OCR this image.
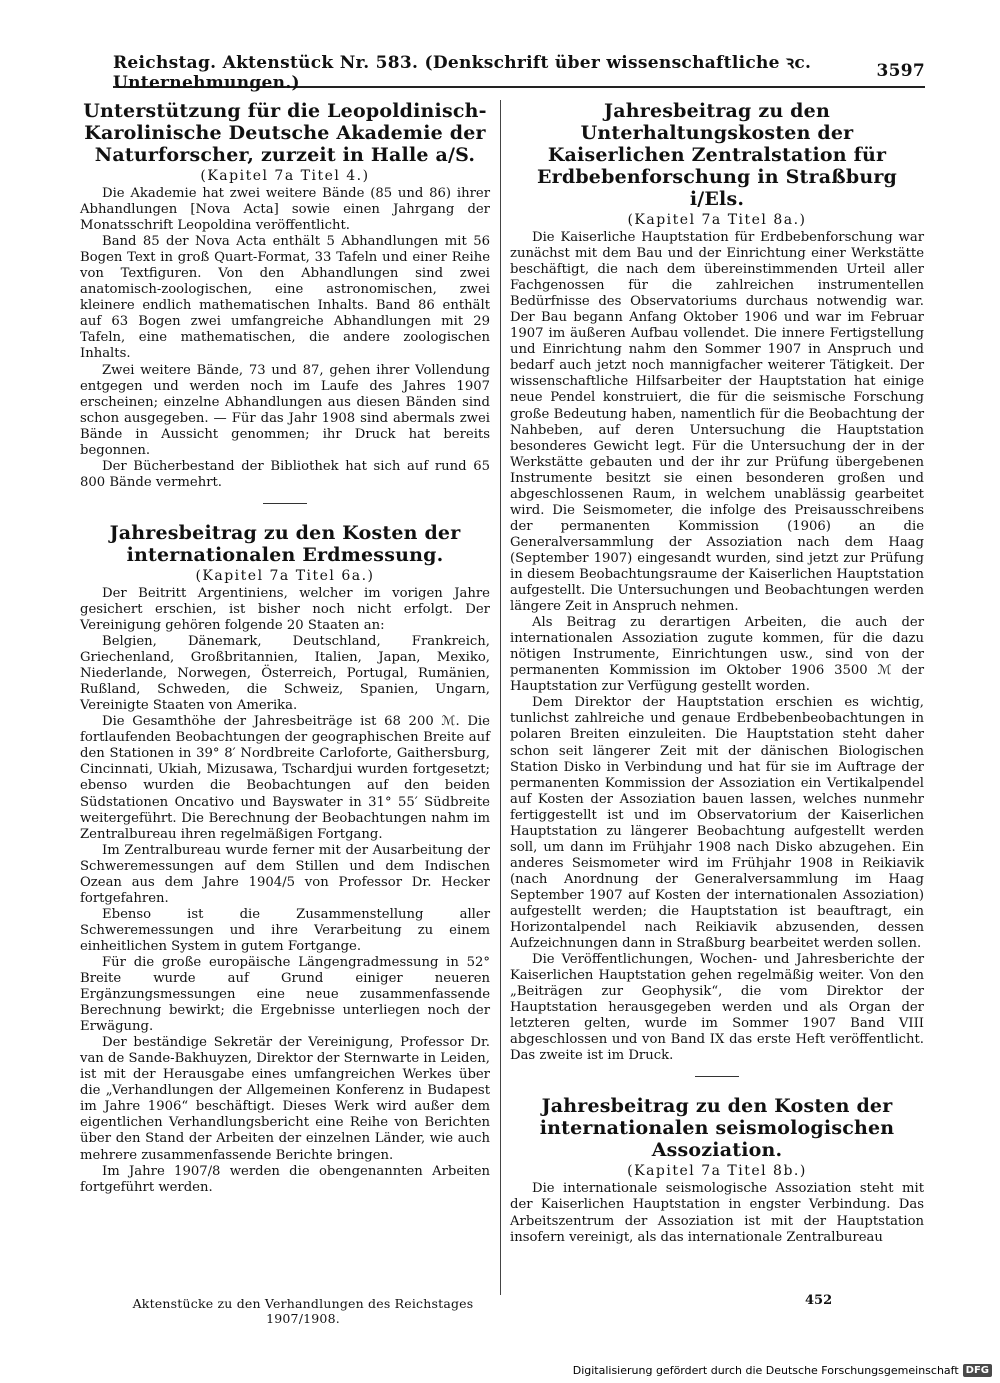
Reichstag. Aktenstück Nr. 583. (Denkschrift über wissenschaftliche ꝛc. Unternehmungen.)
3597
Unterstützung für die Leopoldinisch-Karolinische Deutsche Akademie der Naturforscher, zurzeit in Halle a/S.
(Kapitel 7a Titel 4.)

Die Akademie hat zwei weitere Bände (85 und 86) ihrer Abhandlungen [Nova Acta] sowie einen Jahrgang der Monatsschrift Leopoldina veröffentlicht.

Band 85 der Nova Acta enthält 5 Abhandlungen mit 56 Bogen Text in groß Quart-Format, 33 Tafeln und einer Reihe von Textfiguren. Von den Abhandlungen sind zwei anatomisch-zoologischen, eine astronomischen, zwei kleinere endlich mathematischen Inhalts. Band 86 enthält auf 63 Bogen zwei umfangreiche Abhandlungen mit 29 Tafeln, eine mathematischen, die andere zoologischen Inhalts.

Zwei weitere Bände, 73 und 87, gehen ihrer Vollendung entgegen und werden noch im Laufe des Jahres 1907 erscheinen; einzelne Abhandlungen aus diesen Bänden sind schon ausgegeben. — Für das Jahr 1908 sind abermals zwei Bände in Aussicht genommen; ihr Druck hat bereits begonnen.

Der Bücherbestand der Bibliothek hat sich auf rund 65 800 Bände vermehrt.

Jahresbeitrag zu den Kosten der internationalen Erdmessung.
(Kapitel 7a Titel 6a.)

Der Beitritt Argentiniens, welcher im vorigen Jahre gesichert erschien, ist bisher noch nicht erfolgt. Der Vereinigung gehören folgende 20 Staaten an:

Belgien, Dänemark, Deutschland, Frankreich, Griechenland, Großbritannien, Italien, Japan, Mexiko, Niederlande, Norwegen, Österreich, Portugal, Rumänien, Rußland, Schweden, die Schweiz, Spanien, Ungarn, Vereinigte Staaten von Amerika.

Die Gesamthöhe der Jahresbeiträge ist 68 200 ℳ. Die fortlaufenden Beobachtungen der geographischen Breite auf den Stationen in 39° 8′ Nordbreite Carloforte, Gaithersburg, Cincinnati, Ukiah, Mizusawa, Tschardjui wurden fortgesetzt; ebenso wurden die Beobachtungen auf den beiden Südstationen Oncativo und Bayswater in 31° 55′ Südbreite weitergeführt. Die Berechnung der Beobachtungen nahm im Zentralbureau ihren regelmäßigen Fortgang.

Im Zentralbureau wurde ferner mit der Ausarbeitung der Schweremessungen auf dem Stillen und dem Indischen Ozean aus dem Jahre 1904/5 von Professor Dr. Hecker fortgefahren.

Ebenso ist die Zusammenstellung aller Schweremessungen und ihre Verarbeitung zu einem einheitlichen System in gutem Fortgange.

Für die große europäische Längengradmessung in 52° Breite wurde auf Grund einiger neueren Ergänzungsmessungen eine neue zusammenfassende Berechnung bewirkt; die Ergebnisse unterliegen noch der Erwägung.

Der beständige Sekretär der Vereinigung, Professor Dr. van de Sande-Bakhuyzen, Direktor der Sternwarte in Leiden, ist mit der Herausgabe eines umfangreichen Werkes über die „Verhandlungen der Allgemeinen Konferenz in Budapest im Jahre 1906“ beschäftigt. Dieses Werk wird außer dem eigentlichen Verhandlungsbericht eine Reihe von Berichten über den Stand der Arbeiten der einzelnen Länder, wie auch mehrere zusammenfassende Berichte bringen.

Im Jahre 1907/8 werden die obengenannten Arbeiten fortgeführt werden.

Jahresbeitrag zu den Unterhaltungskosten der Kaiserlichen Zentralstation für Erdbebenforschung in Straßburg i/Els.
(Kapitel 7a Titel 8a.)

Die Kaiserliche Hauptstation für Erdbebenforschung war zunächst mit dem Bau und der Einrichtung einer Werkstätte beschäftigt, die nach dem übereinstimmenden Urteil aller Fachgenossen für die zahlreichen instrumentellen Bedürfnisse des Observatoriums durchaus notwendig war. Der Bau begann Anfang Oktober 1906 und war im Februar 1907 im äußeren Aufbau vollendet. Die innere Fertigstellung und Einrichtung nahm den Sommer 1907 in Anspruch und bedarf auch jetzt noch mannigfacher weiterer Tätigkeit. Der wissenschaftliche Hilfsarbeiter der Hauptstation hat einige neue Pendel konstruiert, die für die seismische Forschung große Bedeutung haben, namentlich für die Beobachtung der Nahbeben, auf deren Untersuchung die Hauptstation besonderes Gewicht legt. Für die Untersuchung der in der Werkstätte gebauten und der ihr zur Prüfung übergebenen Instrumente besitzt sie einen besonderen großen und abgeschlossenen Raum, in welchem unablässig gearbeitet wird. Die Seismometer, die infolge des Preisausschreibens der permanenten Kommission (1906) an die Generalversammlung der Assoziation nach dem Haag (September 1907) eingesandt wurden, sind jetzt zur Prüfung in diesem Beobachtungsraume der Kaiserlichen Hauptstation aufgestellt. Die Untersuchungen und Beobachtungen werden längere Zeit in Anspruch nehmen.

Als Beitrag zu derartigen Arbeiten, die auch der internationalen Assoziation zugute kommen, für die dazu nötigen Instrumente, Einrichtungen usw., sind von der permanenten Kommission im Oktober 1906 3500 ℳ der Hauptstation zur Verfügung gestellt worden.

Dem Direktor der Hauptstation erschien es wichtig, tunlichst zahlreiche und genaue Erdbebenbeobachtungen in polaren Breiten einzuleiten. Die Hauptstation steht daher schon seit längerer Zeit mit der dänischen Biologischen Station Disko in Verbindung und hat für sie im Auftrage der permanenten Kommission der Assoziation ein Vertikalpendel auf Kosten der Assoziation bauen lassen, welches nunmehr fertiggestellt ist und im Observatorium der Kaiserlichen Hauptstation zu längerer Beobachtung aufgestellt werden soll, um dann im Frühjahr 1908 nach Disko abzugehen. Ein anderes Seismometer wird im Frühjahr 1908 in Reikiavik (nach Anordnung der Generalversammlung im Haag September 1907 auf Kosten der internationalen Assoziation) aufgestellt werden; die Hauptstation ist beauftragt, ein Horizontalpendel nach Reikiavik abzusenden, dessen Aufzeichnungen dann in Straßburg bearbeitet werden sollen.

Die Veröffentlichungen, Wochen- und Jahresberichte der Kaiserlichen Hauptstation gehen regelmäßig weiter. Von den „Beiträgen zur Geophysik“, die vom Direktor der Hauptstation herausgegeben werden und als Organ der letzteren gelten, wurde im Sommer 1907 Band VIII abgeschlossen und von Band IX das erste Heft veröffentlicht. Das zweite ist im Druck.

Jahresbeitrag zu den Kosten der internationalen seismologischen Assoziation.
(Kapitel 7a Titel 8b.)

Die internationale seismologische Assoziation steht mit der Kaiserlichen Hauptstation in engster Verbindung. Das Arbeitszentrum der Assoziation ist mit der Hauptstation insofern vereinigt, als das internationale Zentralbureau

Aktenstücke zu den Verhandlungen des Reichstages 1907/1908.
452
Digitalisierung gefördert durch die Deutsche Forschungsgemeinschaft DFG
